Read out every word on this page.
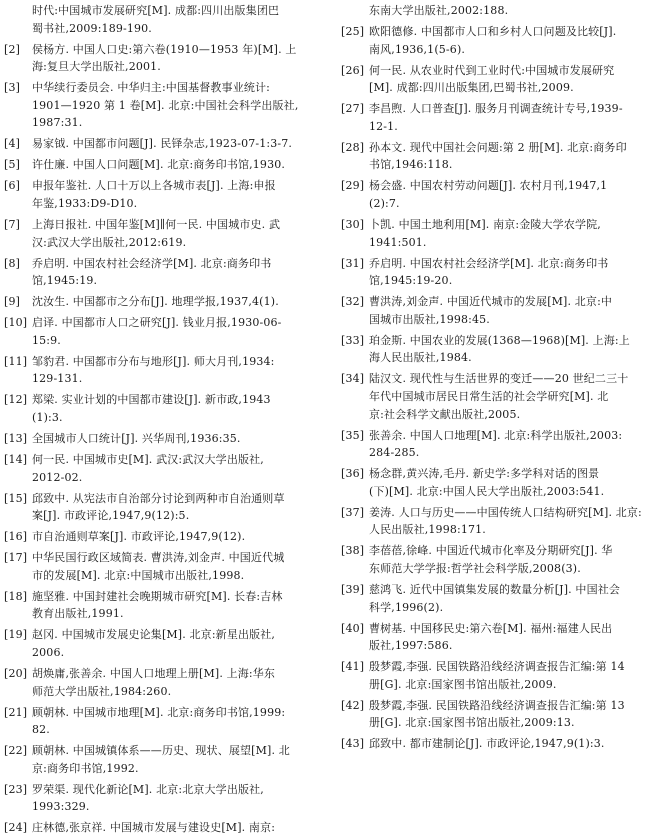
时代:中国城市发展研究[M]. 成都:四川出版集团巴
蜀书社,2009:189-190.
[2] 侯杨方. 中国人口史:第六卷(1910—1953 年)[M]. 上
海:复旦大学出版社,2001.
[3] 中华续行委员会. 中华归主:中国基督教事业统计:
1901—1920 第 1 卷[M]. 北京:中国社会科学出版社,
1987:31.
[4] 易家钺. 中国都市问题[J]. 民铎杂志,1923-07-1:3-7.
[5] 许仕廉. 中国人口问题[M]. 北京:商务印书馆,1930.
[6] 申报年鉴社. 人口十万以上各城市表[J]. 上海:申报
年鉴,1933:D9-D10.
[7] 上海日报社. 中国年鉴[M]∥何一民. 中国城市史. 武
汉:武汉大学出版社,2012:619.
[8] 乔启明. 中国农村社会经济学[M]. 北京:商务印书
馆,1945:19.
[9] 沈汝生. 中国都市之分布[J]. 地理学报,1937,4(1).
[10] 启译. 中国都市人口之研究[J]. 钱业月报,1930-06-
15:9.
[11] 邹豹君. 中国都市分布与地形[J]. 师大月刊,1934:
129-131.
[12] 郑梁. 实业计划的中国都市建设[J]. 新市政,1943
(1):3.
[13] 全国城市人口统计[J]. 兴华周刊,1936:35.
[14] 何一民. 中国城市史[M]. 武汉:武汉大学出版社,
2012-02.
[15] 邱致中. 从宪法市自治部分讨论到两种市自治通则草
案[J]. 市政评论,1947,9(12):5.
[16] 市自治通则草案[J]. 市政评论,1947,9(12).
[17] 中华民国行政区域简表. 曹洪涛,刘金声. 中国近代城
市的发展[M]. 北京:中国城市出版社,1998.
[18] 施坚雅. 中国封建社会晚期城市研究[M]. 长春:吉林
教育出版社,1991.
[19] 赵冈. 中国城市发展史论集[M]. 北京:新星出版社,
2006.
[20] 胡焕庸,张善余. 中国人口地理上册[M]. 上海:华东
师范大学出版社,1984:260.
[21] 顾朝林. 中国城市地理[M]. 北京:商务印书馆,1999:
82.
[22] 顾朝林. 中国城镇体系——历史、现状、展望[M]. 北
京:商务印书馆,1992.
[23] 罗荣渠. 现代化新论[M]. 北京:北京大学出版社,
1993:329.
[24] 庄林德,张京祥. 中国城市发展与建设史[M]. 南京:
东南大学出版社,2002:188.
[25] 欧阳德修. 中国都市人口和乡村人口问题及比较[J].
南风,1936,1(5-6).
[26] 何一民. 从农业时代到工业时代:中国城市发展研究
[M]. 成都:四川出版集团,巴蜀书社,2009.
[27] 李昌煦. 人口普查[J]. 服务月刊调查统计专号,1939-
12-1.
[28] 孙本文. 现代中国社会问题:第 2 册[M]. 北京:商务印
书馆,1946:118.
[29] 杨会盛. 中国农村劳动问题[J]. 农村月刊,1947,1
(2):7.
[30] 卜凯. 中国土地利用[M]. 南京:金陵大学农学院,
1941:501.
[31] 乔启明. 中国农村社会经济学[M]. 北京:商务印书
馆,1945:19-20.
[32] 曹洪涛,刘金声. 中国近代城市的发展[M]. 北京:中
国城市出版社,1998:45.
[33] 珀金斯. 中国农业的发展(1368—1968)[M]. 上海:上
海人民出版社,1984.
[34] 陆汉文. 现代性与生活世界的变迁——20 世纪二三十
年代中国城市居民日常生活的社会学研究[M]. 北
京:社会科学文献出版社,2005.
[35] 张善余. 中国人口地理[M]. 北京:科学出版社,2003:
284-285.
[36] 杨念群,黄兴涛,毛丹. 新史学:多学科对话的图景
(下)[M]. 北京:中国人民大学出版社,2003:541.
[37] 姜涛. 人口与历史——中国传统人口结构研究[M]. 北京:
人民出版社,1998:171.
[38] 李蓓蓓,徐峰. 中国近代城市化率及分期研究[J]. 华
东师范大学学报:哲学社会科学版,2008(3).
[39] 慈鸿飞. 近代中国镇集发展的数量分析[J]. 中国社会
科学,1996(2).
[40] 曹树基. 中国移民史:第六卷[M]. 福州:福建人民出
版社,1997:586.
[41] 殷梦霞,李强. 民国铁路沿线经济调查报告汇编:第 14
册[G]. 北京:国家图书馆出版社,2009.
[42] 殷梦霞,李强. 民国铁路沿线经济调查报告汇编:第 13
册[G]. 北京:国家图书馆出版社,2009:13.
[43] 邱致中. 都市建制论[J]. 市政评论,1947,9(1):3.
